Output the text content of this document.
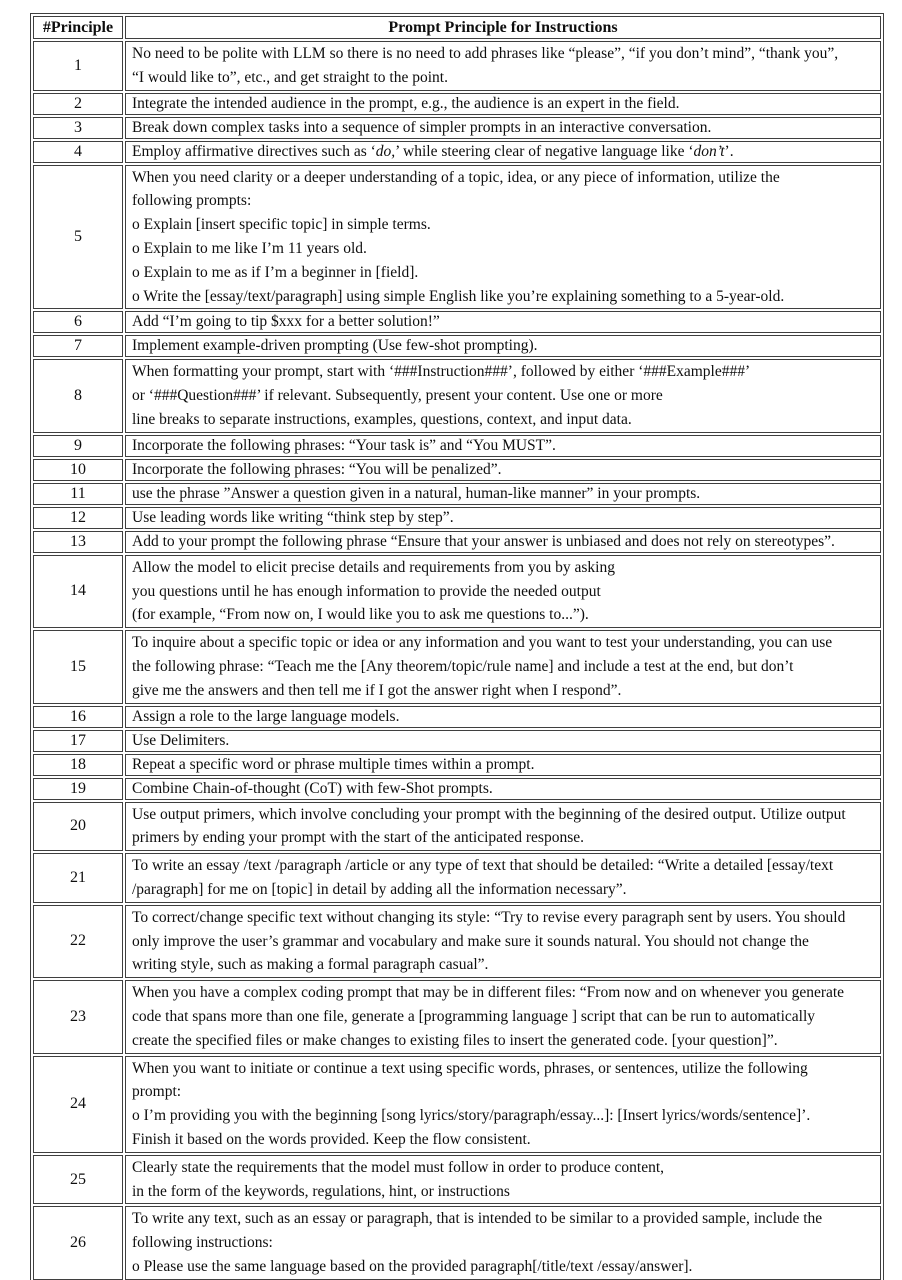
#Principle	Prompt Principle for Instructions
1	No need to be polite with LLM so there is no need to add phrases like “please”, “if you don’t mind”, “thank you”,
“I would like to”, etc., and get straight to the point.
2	Integrate the intended audience in the prompt, e.g., the audience is an expert in the field.
3	Break down complex tasks into a sequence of simpler prompts in an interactive conversation.
4	Employ affirmative directives such as ‘do,’ while steering clear of negative language like ‘don’t’.
5	When you need clarity or a deeper understanding of a topic, idea, or any piece of information, utilize the
following prompts:
o Explain [insert specific topic] in simple terms.
o Explain to me like I’m 11 years old.
o Explain to me as if I’m a beginner in [field].
o Write the [essay/text/paragraph] using simple English like you’re explaining something to a 5-year-old.
6	Add “I’m going to tip $xxx for a better solution!”
7	Implement example-driven prompting (Use few-shot prompting).
8	When formatting your prompt, start with ‘###Instruction###’, followed by either ‘###Example###’
or ‘###Question###’ if relevant. Subsequently, present your content. Use one or more
line breaks to separate instructions, examples, questions, context, and input data.
9	Incorporate the following phrases: “Your task is” and “You MUST”.
10	Incorporate the following phrases: “You will be penalized”.
11	use the phrase ”Answer a question given in a natural, human-like manner” in your prompts.
12	Use leading words like writing “think step by step”.
13	Add to your prompt the following phrase “Ensure that your answer is unbiased and does not rely on stereotypes”.
14	Allow the model to elicit precise details and requirements from you by asking
you questions until he has enough information to provide the needed output
(for example, “From now on, I would like you to ask me questions to...”).
15	To inquire about a specific topic or idea or any information and you want to test your understanding, you can use
the following phrase: “Teach me the [Any theorem/topic/rule name] and include a test at the end, but don’t
give me the answers and then tell me if I got the answer right when I respond”.
16	Assign a role to the large language models.
17	Use Delimiters.
18	Repeat a specific word or phrase multiple times within a prompt.
19	Combine Chain-of-thought (CoT) with few-Shot prompts.
20	Use output primers, which involve concluding your prompt with the beginning of the desired output. Utilize output
primers by ending your prompt with the start of the anticipated response.
21	To write an essay /text /paragraph /article or any type of text that should be detailed: “Write a detailed [essay/text
/paragraph] for me on [topic] in detail by adding all the information necessary”.
22	To correct/change specific text without changing its style: “Try to revise every paragraph sent by users. You should
only improve the user’s grammar and vocabulary and make sure it sounds natural. You should not change the
writing style, such as making a formal paragraph casual”.
23	When you have a complex coding prompt that may be in different files: “From now and on whenever you generate
code that spans more than one file, generate a [programming language ] script that can be run to automatically
create the specified files or make changes to existing files to insert the generated code. [your question]”.
24	When you want to initiate or continue a text using specific words, phrases, or sentences, utilize the following
prompt:
o I’m providing you with the beginning [song lyrics/story/paragraph/essay...]: [Insert lyrics/words/sentence]’.
Finish it based on the words provided. Keep the flow consistent.
25	Clearly state the requirements that the model must follow in order to produce content,
in the form of the keywords, regulations, hint, or instructions
26	To write any text, such as an essay or paragraph, that is intended to be similar to a provided sample, include the
following instructions:
o Please use the same language based on the provided paragraph[/title/text /essay/answer].
